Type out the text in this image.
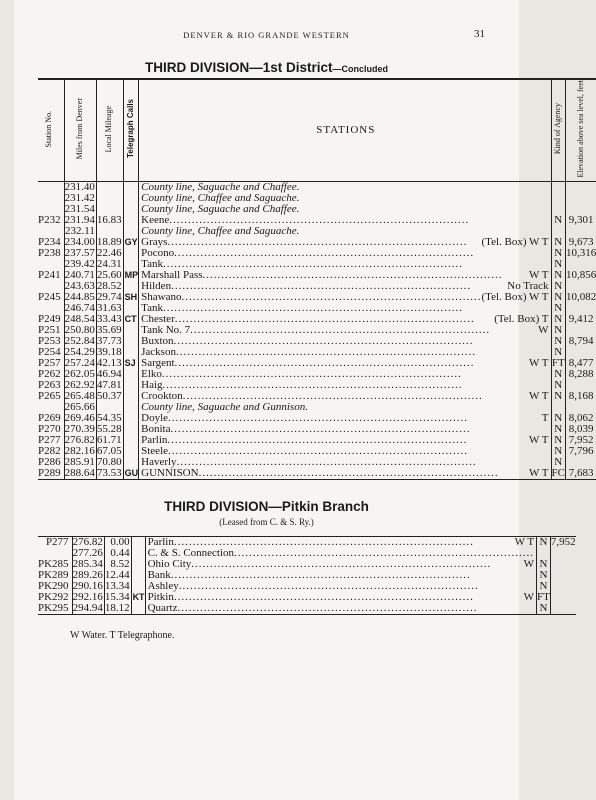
DENVER & RIO GRANDE WESTERN	31
THIRD DIVISION—1st District—Concluded
Station No.	Miles from Denver	Local Mileage	Telegraph Calls	STATIONS	Kind of Agency	Elevation above sea level, feet
	231.40			County line, Saguache and Chaffee.		
	231.42			County line, Chaffee and Saguache.		
	231.54			County line, Saguache and Chaffee.		
P232	231.94	16.83		Keene ................................................................................	N	9,301
	232.11			County line, Chaffee and Saguache.		
P234	234.00	18.89	GY	Grays ................................................................................ (Tel. Box) W T	N	9,673
P238	237.57	22.46		Pocono ................................................................................	N	10,316
	239.42	24.31		Tank ................................................................................	N	
P241	240.71	25.60	MP	Marshall Pass ................................................................................ W T	N	10,856
	243.63	28.52		Hilden ................................................................................ No Track	N	
P245	244.85	29.74	SH	Shawano ................................................................................ (Tel. Box) W T	N	10,082
	246.74	31.63		Tank ................................................................................	N	
P249	248.54	33.43	CT	Chester ................................................................................ (Tel. Box) T	N	9,412
P251	250.80	35.69		Tank No. 7 ................................................................................ W	N	
P253	252.84	37.73		Buxton ................................................................................	N	8,794
P254	254.29	39.18		Jackson ................................................................................	N	
P257	257.24	42.13	SJ	Sargent ................................................................................ W T	FT	8,477
P262	262.05	46.94		Elko ................................................................................	N	8,288
P263	262.92	47.81		Haig ................................................................................	N	
P265	265.48	50.37		Crookton ................................................................................ W T	N	8,168
	265.66			County line, Saguache and Gunnison.		
P269	269.46	54.35		Doyle ................................................................................ T	N	8,062
P270	270.39	55.28		Bonita ................................................................................	N	8,039
P277	276.82	61.71		Parlin ................................................................................ W T	N	7,952
P282	282.16	67.05		Steele ................................................................................	N	7,796
P286	285.91	70.80		Haverly ................................................................................	N	
P289	288.64	73.53	GU	GUNNISON ................................................................................ W T	FC	7,683
THIRD DIVISION—Pitkin Branch
(Leased from C. & S. Ry.)
P277	276.82	0.00		Parlin ................................................................................ W T	N	7,952
	277.26	0.44		C. & S. Connection ................................................................................		

PK285	285.34	8.52		Ohio City ................................................................................ W	N	
PK289	289.26	12.44		Bank ................................................................................	N	
PK290	290.16	13.34		Ashley ................................................................................	N	
PK292	292.16	15.34	KT	Pitkin ................................................................................ W	FT	
PK295	294.94	18.12		Quartz ................................................................................	N	
W Water. T Telegraphone.
